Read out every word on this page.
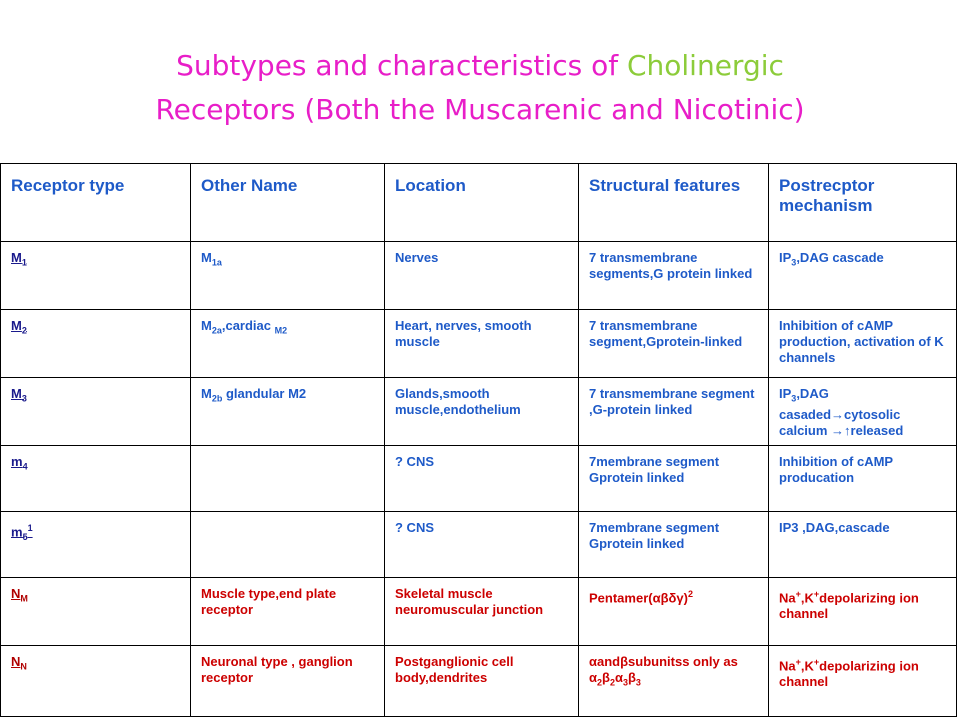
Subtypes and characteristics of Cholinergic
Receptors (Both the Muscarenic and Nicotinic)
Receptor type	Other Name	Location	Structural features	Postrecptor mechanism
$M_1$	$M_{1a}$	Nerves	7 transmembrane segments,G protein linked	$IP_3,DAG$ cascade
$M_2$	$M_{2a},cardiac$ $_{M2}$	Heart, nerves, smooth muscle	7 transmembrane segment,Gprotein-linked	Inhibition of cAMP production, activation of K channels
$M_3$	$M_{2b}$ glandular M2	Glands,smooth muscle,endothelium	7 transmembrane segment ,G-protein linked	$IP_3,DAG$ casaded→cytosolic calcium →↑released
$m_4$		? CNS	7membrane segment Gprotein linked	Inhibition of cAMP producation
$m_5^1$		? CNS	7membrane segment Gprotein linked	IP3 ,DAG,cascade
$N_M$	Muscle type,end plate receptor	Skeletal muscle neuromuscular junction	$Pentamer(\alpha\beta\delta\gamma)^2$	Na+,K+depolarizing ion channel
$N_N$	Neuronal type , ganglion receptor	Postganglionic cell body,dendrites	αandβsubunitss only as $\alpha_2\beta_2\alpha_3\beta_3$	Na+,K+depolarizing ion channel
